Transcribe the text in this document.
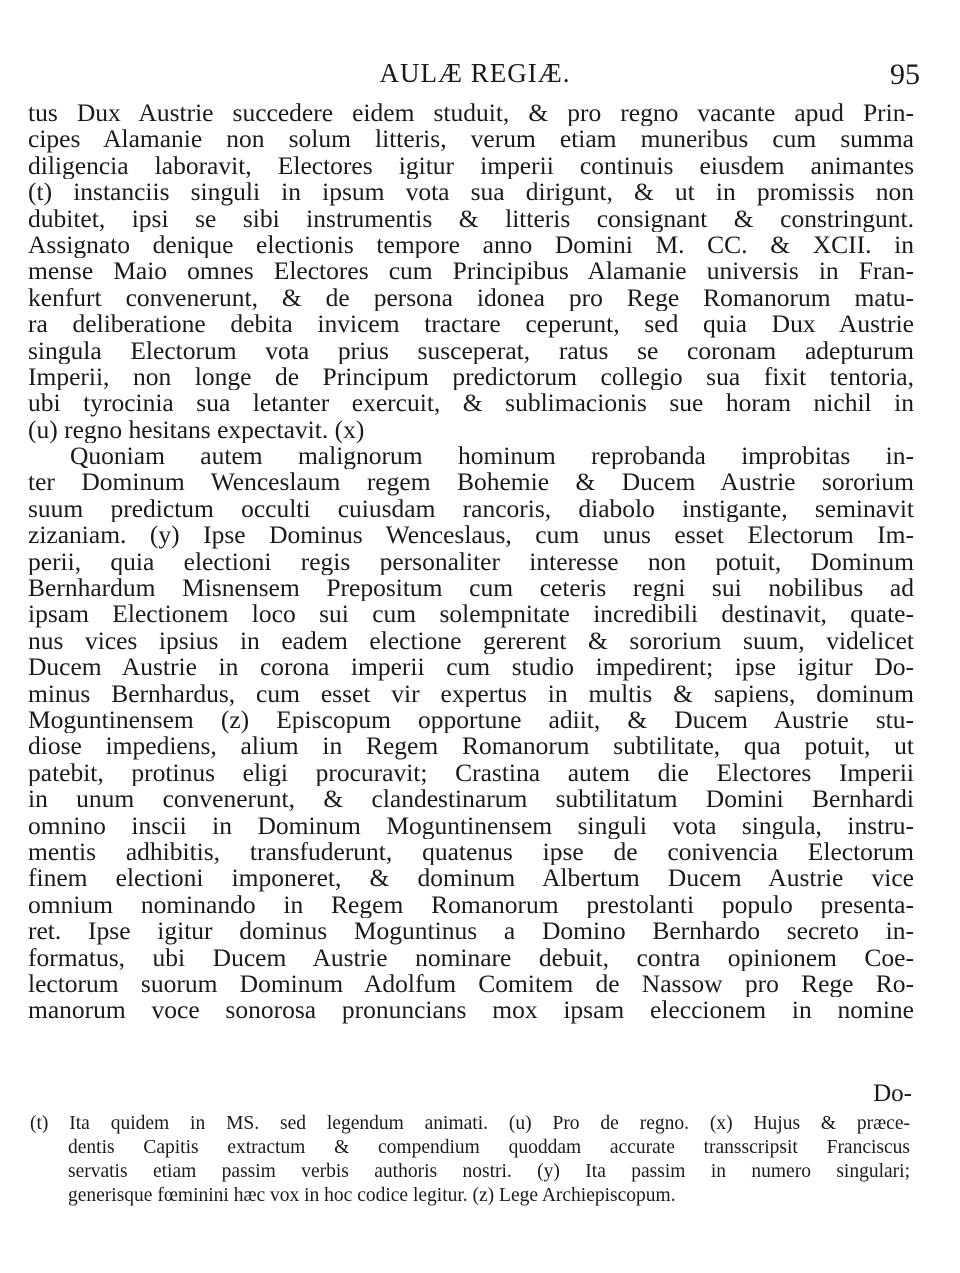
AULÆ REGIÆ.	95
tus Dux Austrie succedere eidem studuit, & pro regno vacante apud Prin-
cipes Alamanie non solum litteris, verum etiam muneribus cum summa
diligencia laboravit, Electores igitur imperii continuis eiusdem animantes
(t) instanciis singuli in ipsum vota sua dirigunt, & ut in promissis non
dubitet, ipsi se sibi instrumentis & litteris consignant & constringunt.
Assignato denique electionis tempore anno Domini M. CC. & XCII. in
mense Maio omnes Electores cum Principibus Alamanie universis in Fran-
kenfurt convenerunt, & de persona idonea pro Rege Romanorum matu-
ra deliberatione debita invicem tractare ceperunt, sed quia Dux Austrie
singula Electorum vota prius susceperat, ratus se coronam adepturum
Imperii, non longe de Principum predictorum collegio sua fixit tentoria,
ubi tyrocinia sua letanter exercuit, & sublimacionis sue horam nichil in
(u) regno hesitans expectavit. (x)
Quoniam autem malignorum hominum reprobanda improbitas in-
ter Dominum Wenceslaum regem Bohemie & Ducem Austrie sororium
suum predictum occulti cuiusdam rancoris, diabolo instigante, seminavit
zizaniam. (y) Ipse Dominus Wenceslaus, cum unus esset Electorum Im-
perii, quia electioni regis personaliter interesse non potuit, Dominum
Bernhardum Misnensem Prepositum cum ceteris regni sui nobilibus ad
ipsam Electionem loco sui cum solempnitate incredibili destinavit, quate-
nus vices ipsius in eadem electione gererent & sororium suum, videlicet
Ducem Austrie in corona imperii cum studio impedirent; ipse igitur Do-
minus Bernhardus, cum esset vir expertus in multis & sapiens, dominum
Moguntinensem (z) Episcopum opportune adiit, & Ducem Austrie stu-
diose impediens, alium in Regem Romanorum subtilitate, qua potuit, ut
patebit, protinus eligi procuravit; Crastina autem die Electores Imperii
in unum convenerunt, & clandestinarum subtilitatum Domini Bernhardi
omnino inscii in Dominum Moguntinensem singuli vota singula, instru-
mentis adhibitis, transfuderunt, quatenus ipse de conivencia Electorum
finem electioni imponeret, & dominum Albertum Ducem Austrie vice
omnium nominando in Regem Romanorum prestolanti populo presenta-
ret. Ipse igitur dominus Moguntinus a Domino Bernhardo secreto in-
formatus, ubi Ducem Austrie nominare debuit, contra opinionem Coe-
lectorum suorum Dominum Adolfum Comitem de Nassow pro Rege Ro-
manorum voce sonorosa pronuncians mox ipsam eleccionem in nomine
Do-
(t) Ita quidem in MS. sed legendum animati. (u) Pro de regno. (x) Hujus & præce-
dentis Capitis extractum & compendium quoddam accurate transscripsit Franciscus
servatis etiam passim verbis authoris nostri. (y) Ita passim in numero singulari;
generisque fœminini hæc vox in hoc codice legitur. (z) Lege Archiepiscopum.
